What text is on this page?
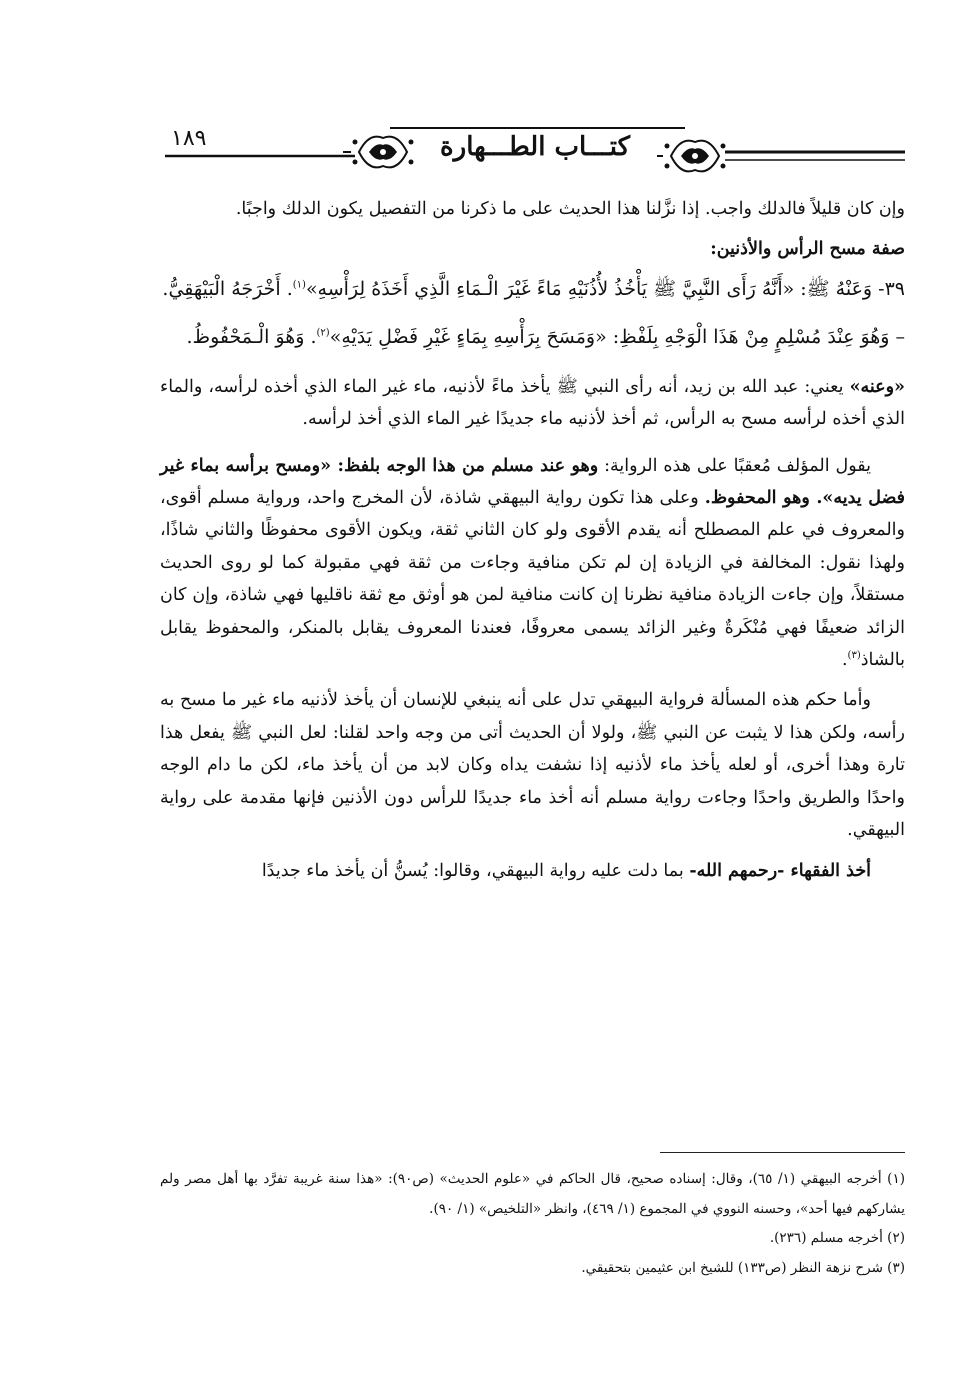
كتـــاب الطـــهارة
١٨٩

وإن كان قليلاً فالدلك واجب. إذا نزَّلنا هذا الحديث على ما ذكرنا من التفصيل يكون الدلك واجبًا.

صفة مسح الرأس والأذنين:

٣٩- وَعَنْهُ ﷺ: «أَنَّهُ رَأَى النَّبِيَّ ﷺ يَأْخُذُ لأُذُنَيْهِ مَاءً غَيْرَ الْـمَاءِ الَّذِي أَخَذَهُ لِرَأْسِهِ»$^{(١)}$. أَخْرَجَهُ الْبَيْهَقِيُّ.

– وَهُوَ عِنْدَ مُسْلِمٍ مِنْ هَذَا الْوَجْهِ بِلَفْظِ: «وَمَسَحَ بِرَأْسِهِ بِمَاءٍ غَيْرِ فَضْلِ يَدَيْهِ»$^{(٢)}$. وَهُوَ الْـمَحْفُوظُ.

«وعنه» يعني: عبد الله بن زيد، أنه رأى النبي ﷺ يأخذ ماءً لأذنيه، ماء غير الماء الذي أخذه لرأسه، والماء الذي أخذه لرأسه مسح به الرأس، ثم أخذ لأذنيه ماء جديدًا غير الماء الذي أخذ لرأسه.

يقول المؤلف مُعقبًا على هذه الرواية: وهو عند مسلم من هذا الوجه بلفظ: «ومسح برأسه بماء غير فضل يديه». وهو المحفوظ. وعلى هذا تكون رواية البيهقي شاذة، لأن المخرج واحد، ورواية مسلم أقوى، والمعروف في علم المصطلح أنه يقدم الأقوى ولو كان الثاني ثقة، ويكون الأقوى محفوظًا والثاني شاذًا، ولهذا نقول: المخالفة في الزيادة إن لم تكن منافية وجاءت من ثقة فهي مقبولة كما لو روى الحديث مستقلاً، وإن جاءت الزيادة منافية نظرنا إن كانت منافية لمن هو أوثق مع ثقة ناقليها فهي شاذة، وإن كان الزائد ضعيفًا فهي مُنْكَرةٌ وغير الزائد يسمى معروفًا، فعندنا المعروف يقابل بالمنكر، والمحفوظ يقابل بالشاذ$^{(٣)}$.

وأما حكم هذه المسألة فرواية البيهقي تدل على أنه ينبغي للإنسان أن يأخذ لأذنيه ماء غير ما مسح به رأسه، ولكن هذا لا يثبت عن النبي ﷺ، ولولا أن الحديث أتى من وجه واحد لقلنا: لعل النبي ﷺ يفعل هذا تارة وهذا أخرى، أو لعله يأخذ ماء لأذنيه إذا نشفت يداه وكان لابد من أن يأخذ ماء، لكن ما دام الوجه واحدًا والطريق واحدًا وجاءت رواية مسلم أنه أخذ ماء جديدًا للرأس دون الأذنين فإنها مقدمة على رواية البيهقي.

أخذ الفقهاء -رحمهم الله- بما دلت عليه رواية البيهقي، وقالوا: يُسنُّ أن يأخذ ماء جديدًا

(١) أخرجه البيهقي (١/ ٦٥)، وقال: إسناده صحيح، قال الحاكم في «علوم الحديث» (ص٩٠): «هذا سنة غريبة تفرَّد بها أهل مصر ولم يشاركهم فيها أحد»، وحسنه النووي في المجموع (١/ ٤٦٩)، وانظر «التلخيص» (١/ ٩٠).

(٢) أخرجه مسلم (٢٣٦).

(٣) شرح نزهة النظر (ص١٣٣) للشيخ ابن عثيمين بتحقيقي.
